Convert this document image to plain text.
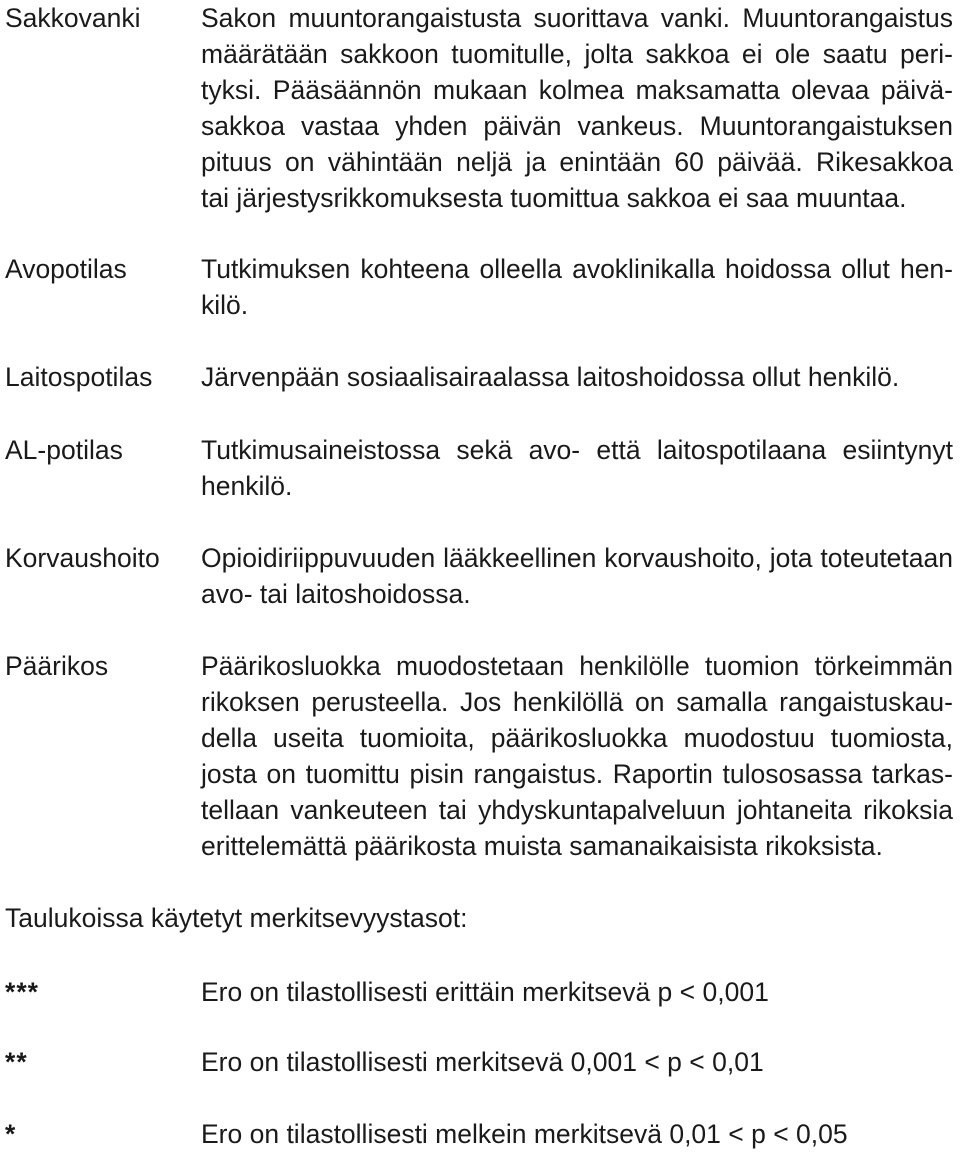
Sakkovanki Sakon muuntorangaistusta suorittava vanki. Muuntorangaistus
määrätään sakkoon tuomitulle, jolta sakkoa ei ole saatu peri-
tyksi. Pääsäännön mukaan kolmea maksamatta olevaa päivä-
sakkoa vastaa yhden päivän vankeus. Muuntorangaistuksen
pituus on vähintään neljä ja enintään 60 päivää. Rikesakkoa
tai järjestysrikkomuksesta tuomittua sakkoa ei saa muuntaa.
Avopotilas	Tutkimuksen kohteena olleella avoklinikalla hoidossa ollut hen-
kilö.
Laitospotilas Järvenpään sosiaalisairaalassa laitoshoidossa ollut henkilö.
AL-potilas	Tutkimusaineistossa sekä avo- että laitospotilaana esiintynyt
henkilö.
Korvaushoito Opioidiriippuvuuden lääkkeellinen korvaushoito, jota toteutetaan
avo- tai laitoshoidossa.
Päärikos	Päärikosluokka muodostetaan henkilölle tuomion törkeimmän
rikoksen perusteella. Jos henkilöllä on samalla rangaistuskau-
della useita tuomioita, päärikosluokka muodostuu tuomiosta,
josta on tuomittu pisin rangaistus. Raportin tulososassa tarkas-
tellaan vankeuteen tai yhdyskuntapalveluun johtaneita rikoksia
erittelemättä päärikosta muista samanaikaisista rikoksista.
Taulukoissa käytetyt merkitsevyystasot:
***	Ero on tilastollisesti erittäin merkitsevä p < 0,001
**	Ero on tilastollisesti merkitsevä 0,001 < p < 0,01
*	Ero on tilastollisesti melkein merkitsevä 0,01 < p < 0,05
